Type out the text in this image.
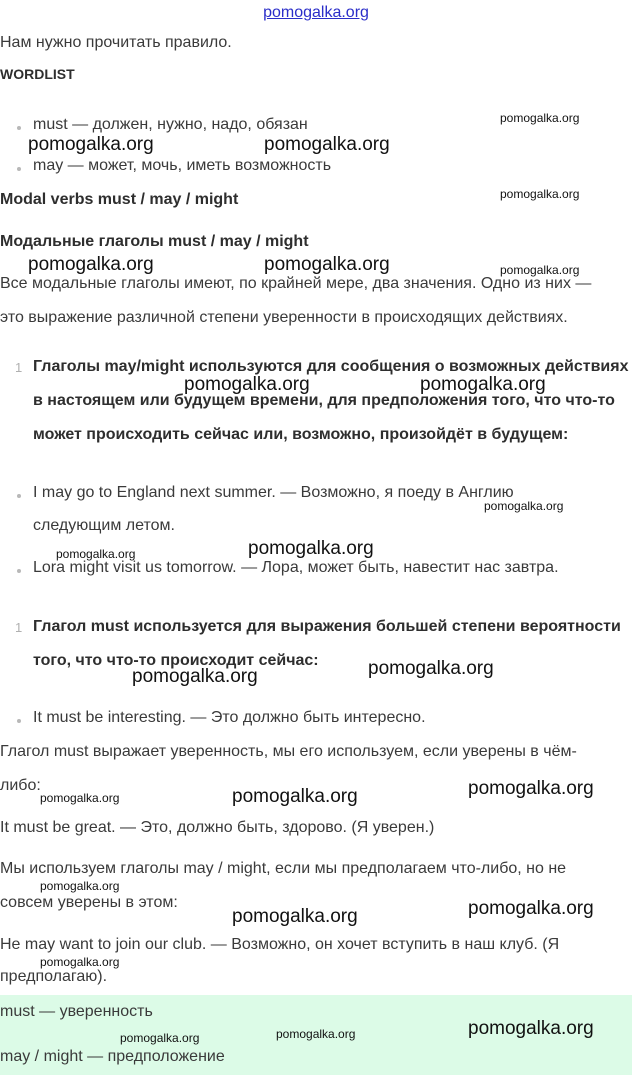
pomogalka.org
Нам нужно прочитать правило.
WORDLIST
must — должен, нужно, надо, обязан
may — может, мочь, иметь возможность
Modal verbs must / may / might
Модальные глаголы must / may / might
Все модальные глаголы имеют, по крайней мере, два значения. Одно из них —
это выражение различной степени уверенности в происходящих действиях.
1 Глаголы may/might используются для сообщения о возможных действиях
в настоящем или будущем времени, для предположения того, что что-то
может происходить сейчас или, возможно, произойдёт в будущем:
I may go to England next summer. — Возможно, я поеду в Англию
следующим летом.
Lora might visit us tomorrow. — Лора, может быть, навестит нас завтра.
1 Глагол must используется для выражения большей степени вероятности
того, что что-то происходит сейчас:
It must be interesting. — Это должно быть интересно.
Глагол must выражает уверенность, мы его используем, если уверены в чём-
либо:
It must be great. — Это, должно быть, здорово. (Я уверен.)
Мы используем глаголы may / might, если мы предполагаем что-либо, но не
совсем уверены в этом:
He may want to join our club. — Возможно, он хочет вступить в наш клуб. (Я
предполагаю).
must — уверенность
may / might — предположение
pomogalka.org	pomogalka.org
pomogalka.org
pomogalka.org
pomogalka.org	pomogalka.org	pomogalka.org
pomogalka.org	pomogalka.org
pomogalka.org
pomogalka.org	pomogalka.org
pomogalka.org
pomogalka.org
pomogalka.org
pomogalka.org	pomogalka.org
pomogalka.org
pomogalka.org
pomogalka.org
pomogalka.org
pomogalka.org
pomogalka.org	pomogalka.org
